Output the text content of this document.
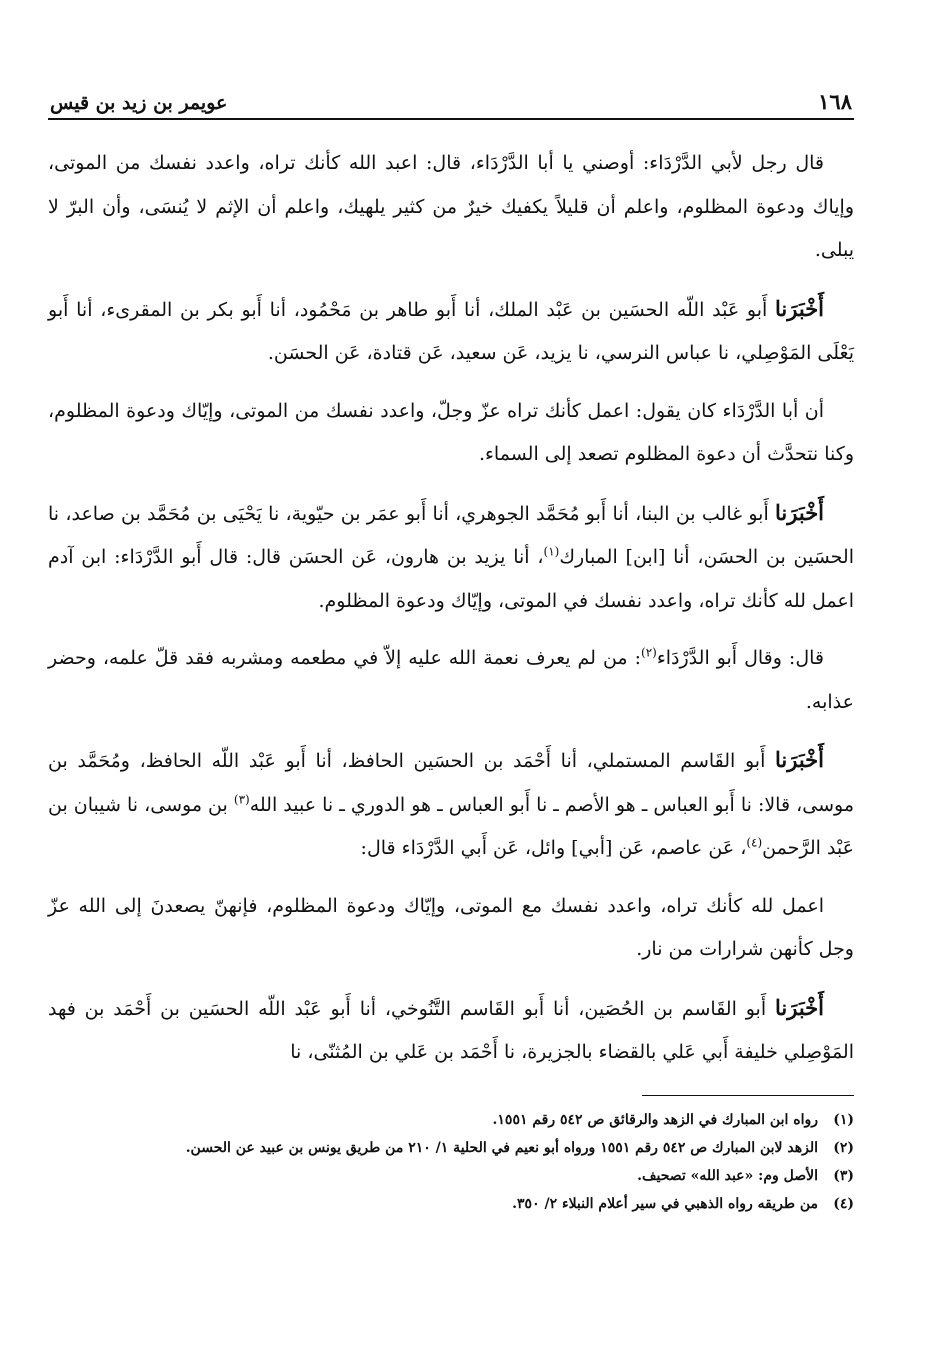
١٦٨
عويمر بن زيد بن قيس

قال رجل لأبي الدَّرْدَاء: أوصني يا أبا الدَّرْدَاء، قال: اعبد الله كأنك تراه، واعدد نفسك من الموتى، وإياك ودعوة المظلوم، واعلم أن قليلاً يكفيك خيرٌ من كثير يلهيك، واعلم أن الإثم لا يُنسَى، وأن البرّ لا يبلى.

أَخْبَرَنا أَبو عَبْد اللّه الحسَين بن عَبْد الملك، أنا أَبو طاهر بن مَحْمُود، أنا أَبو بكر بن المقرىء، أنا أَبو يَعْلَى المَوْصِلي، نا عباس النرسي، نا يزيد، عَن سعيد، عَن قتادة، عَن الحسَن.

أن أبا الدَّرْدَاء كان يقول: اعمل كأنك تراه عزّ وجلّ، واعدد نفسك من الموتى، وإيّاك ودعوة المظلوم، وكنا نتحدَّث أن دعوة المظلوم تصعد إلى السماء.

أَخْبَرَنا أَبو غالب بن البنا، أنا أَبو مُحَمَّد الجوهري، أنا أَبو عمَر بن حيّوية، نا يَحْيَى بن مُحَمَّد بن صاعد، نا الحسَين بن الحسَن، أنا [ابن] المبارك$^{(١)}$، أنا يزيد بن هارون، عَن الحسَن قال: قال أَبو الدَّرْدَاء: ابن آدم اعمل لله كأنك تراه، واعدد نفسك في الموتى، وإيّاك ودعوة المظلوم.

قال: وقال أَبو الدَّرْدَاء$^{(٢)}$: من لم يعرف نعمة الله عليه إلاّ في مطعمه ومشربه فقد قلّ علمه، وحضر عذابه.

أَخْبَرَنا أَبو القَاسم المستملي، أنا أَحْمَد بن الحسَين الحافظ، أنا أَبو عَبْد اللّه الحافظ، ومُحَمَّد بن موسى، قالا: نا أَبو العباس ـ هو الأصم ـ نا أَبو العباس ـ هو الدوري ـ نا عبيد الله$^{(٣)}$ بن موسى، نا شيبان بن عَبْد الرَّحمن$^{(٤)}$، عَن عاصم، عَن [أبي] وائل، عَن أَبي الدَّرْدَاء قال:

اعمل لله كأنك تراه، واعدد نفسك مع الموتى، وإيّاك ودعوة المظلوم، فإنهنّ يصعدنَ إلى الله عزّ وجل كأنهن شرارات من نار.

أَخْبَرَنا أَبو القَاسم بن الحُصَين، أنا أَبو القَاسم التَّنُوخي، أنا أَبو عَبْد اللّه الحسَين بن أَحْمَد بن فهد المَوْصِلي خليفة أَبي عَلي بالقضاء بالجزيرة، نا أَحْمَد بن عَلي بن المُثنّى، نا

(١)
رواه ابن المبارك في الزهد والرقائق ص ٥٤٢ رقم ١٥٥١.
(٢)
الزهد لابن المبارك ص ٥٤٢ رقم ١٥٥١ ورواه أبو نعيم في الحلية ١/ ٢١٠ من طريق يونس بن عبيد عن الحسن.
(٣)
الأصل وم: «عبد الله» تصحيف.
(٤)
من طريقه رواه الذهبي في سير أعلام النبلاء ٢/ ٣٥٠.
